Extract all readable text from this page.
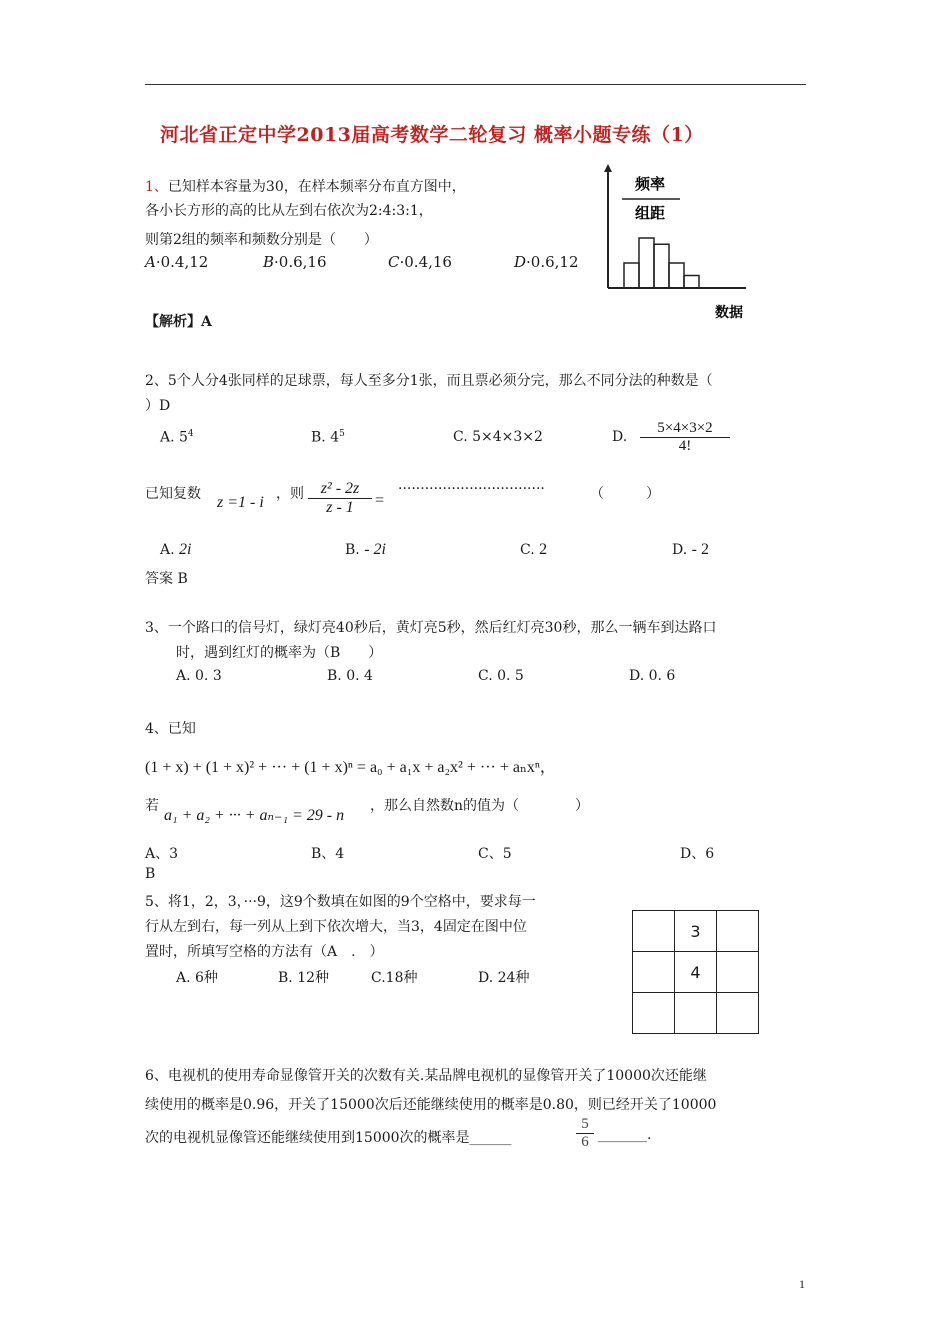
河北省正定中学2013届高考数学二轮复习 概率小题专练（1）
1、已知样本容量为30，在样本频率分布直方图中，
各小长方形的高的比从左到右依次为2:4:3:1，
则第2组的频率和频数分别是（　　）
A·0.4,12	B·0.6,16	C·0.4,16	D·0.6,12
频率
组距
数据
【解析】A
2、5个人分4张同样的足球票，每人至多分1张，而且票必须分完，那么不同分法的种数是（
）D
A. $5^4$	B. $4^5$	C. 5×4×3×2	D. $\frac{5\times 4\times 3\times 2}{4!}$
已知复数 z =1 - i ，则 $\frac{\text{z² - 2z}}{z - 1}$ =
·································	（　　　）
A. 2i	B. - 2i	C. 2	D. - 2
答案 B
3、一个路口的信号灯，绿灯亮40秒后，黄灯亮5秒，然后红灯亮30秒，那么一辆车到达路口
时，遇到红灯的概率为（B　　）
A. 0. 3	B. 0. 4	C. 0. 5	D. 0. 6
4、已知
(1 + x) + (1 + x)² + ··· + (1 + x)ⁿ = a₀ + a₁x + a₂x² + ··· + aₙxⁿ，
若
a₁ + a₂ + ··· + aₙ₋₁ = 29 - n
，那么自然数n的值为（　　　　）
A、3	B、4	C、5	D、6
B
5、将1，2，3，···9，这9个数填在如图的9个空格中，要求每一
行从左到右，每一列从上到下依次增大，当3，4固定在图中位
置时，所填写空格的方法有（A　.　）
A. 6种	B. 12种	C.18种	D. 24种
	3	
	4	

6、电视机的使用寿命显像管开关的次数有关.某品牌电视机的显像管开关了10000次还能继
续使用的概率是0.96，开关了15000次后还能继续使用的概率是0.80，则已经开关了10000
次的电视机显像管还能继续使用到15000次的概率是______	$\frac{5}{6}$ _______.
1
